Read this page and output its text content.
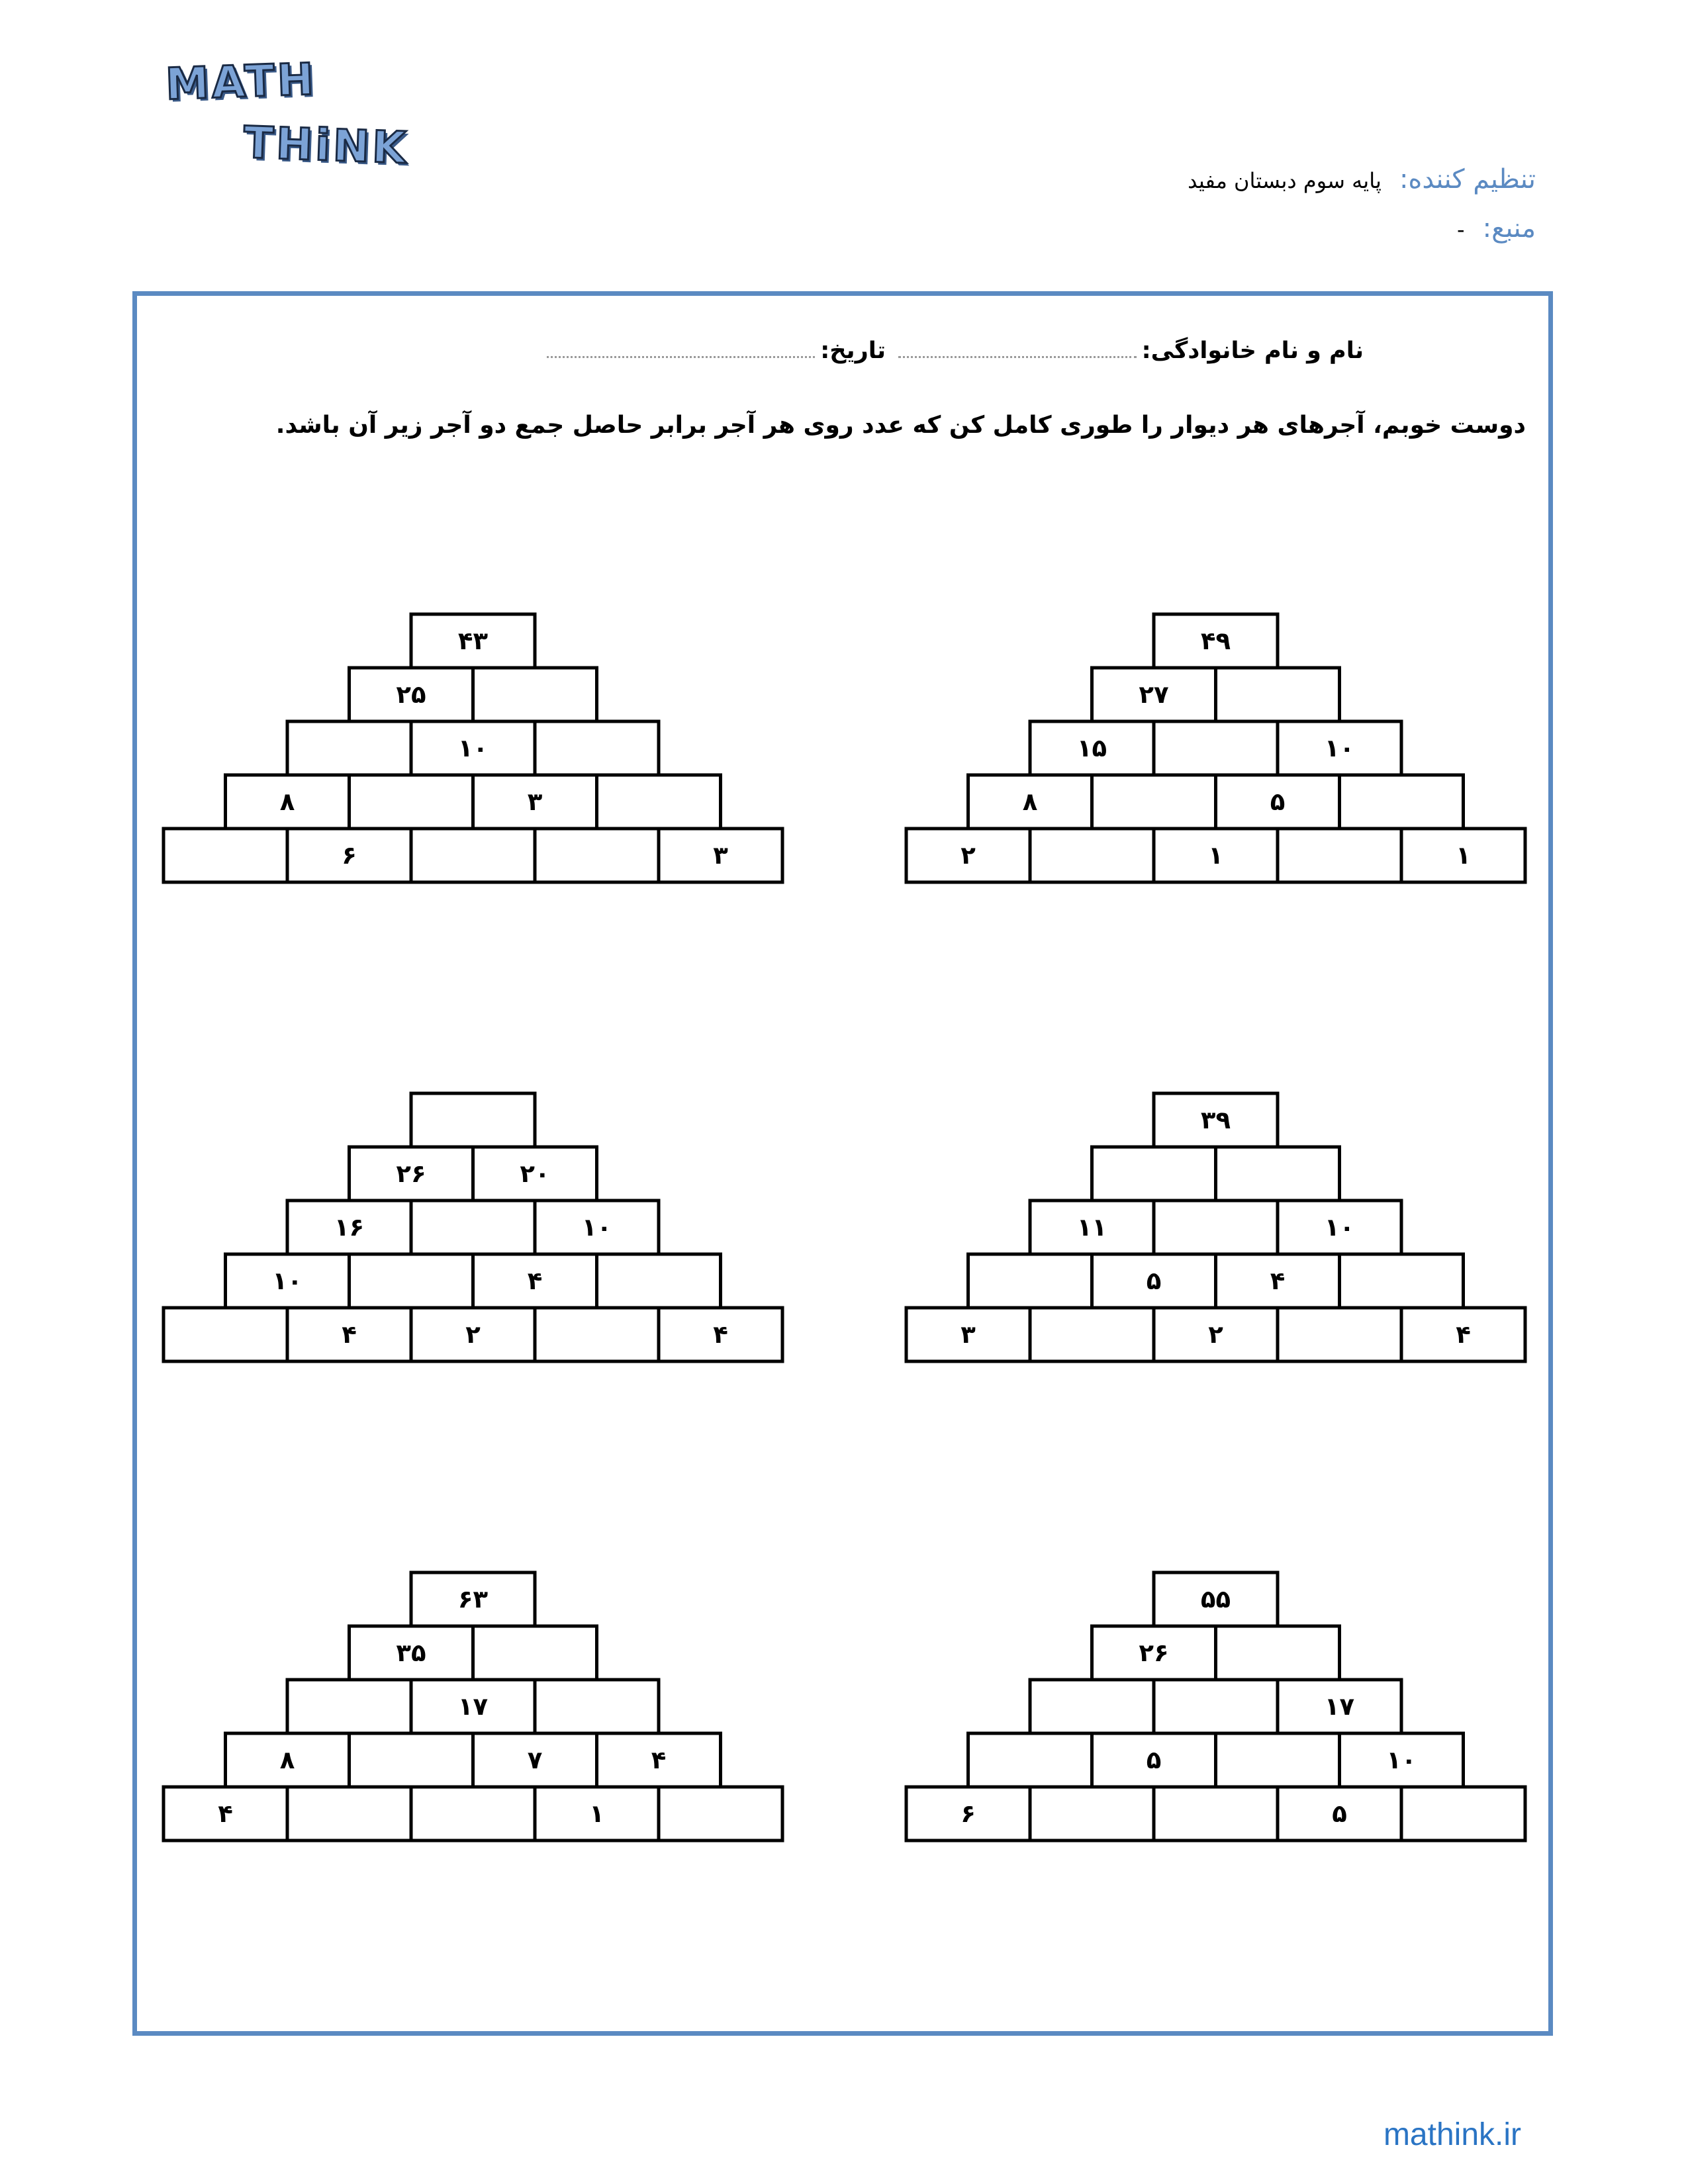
MATH
THiNK
تنظیم کننده: پایه سوم دبستان مفید
منبع: -
نام و نام خانوادگی:
تاریخ:
دوست خوبم، آجرهای هر دیوار را طوری کامل کن که عدد روی هر آجر برابر حاصل جمع دو آجر زیر آن باشد.
۴۹
۲۷
۱۰
۱۵
۵
۸
۱
۱
۲
۴۳
۲۵
۱۰
۳
۸
۳
۶
۳۹
۱۰
۱۱
۴
۵
۴
۲
۳
۲۰
۲۶
۱۰
۱۶
۴
۱۰
۴
۲
۴
۵۵
۲۶
۱۷
۱۰
۵
۵
۶
۶۳
۳۵
۱۷
۴
۷
۸
۱
۴
mathink.ir
